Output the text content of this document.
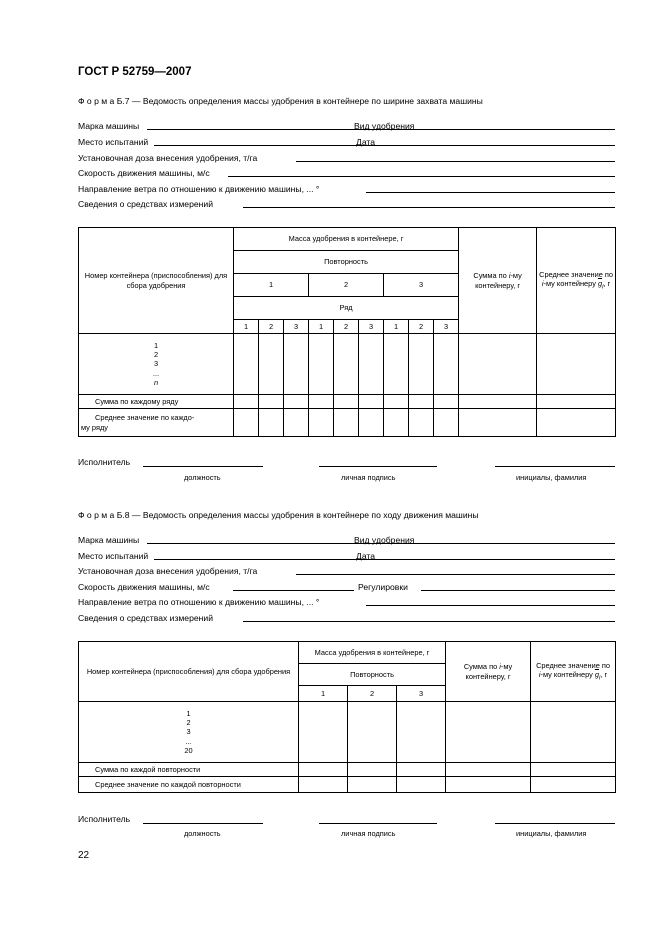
ГОСТ Р 52759—2007
Ф о р м а Б.7 — Ведомость определения массы удобрения в контейнере по ширине захвата машины
Марка машины	Вид удобрения
Место испытаний	Дата
Установочная доза внесения удобрения, т/га
Скорость движения машины, м/с
Направление ветра по отношению к движению машины, ... °
Сведения о средствах измерений
Номер контейнера (приспособления) для сбора удобрения	Масса удобрения в контейнере, г									Сумма по i-му контейнеру, г	Среднее значение по i-му контейнеру $\overline{g}_i$, г
	Повторность										
	1			2			3				
	Ряд										
	1	2	3	1	2	3	1	2	3		

1
2
3
...
n											

Сумма по каждому ряду											

Среднее значение по каждо-
му ряду											

Исполнитель
должность	личная подпись	инициалы, фамилия
Ф о р м а Б.8 — Ведомость определения массы удобрения в контейнере по ходу движения машины
Марка машины	Вид удобрения
Место испытаний	Дата
Установочная доза внесения удобрения, т/га
Скорость движения машины, м/с	Регулировки
Направление ветра по отношению к движению машины, ... °
Сведения о средствах измерений
Номер контейнера (приспособления) для сбора удобрения	Масса удобрения в контейнере, г			Сумма по i-му контейнеру, г	Среднее значение по i-му контейнеру $\overline{g}_i$, г
	Повторность				
	1	2	3		

1
2
3
...
20					

Сумма по каждой повторности					
Среднее значение по каждой повторности					
Исполнитель
должность	личная подпись	инициалы, фамилия
22
